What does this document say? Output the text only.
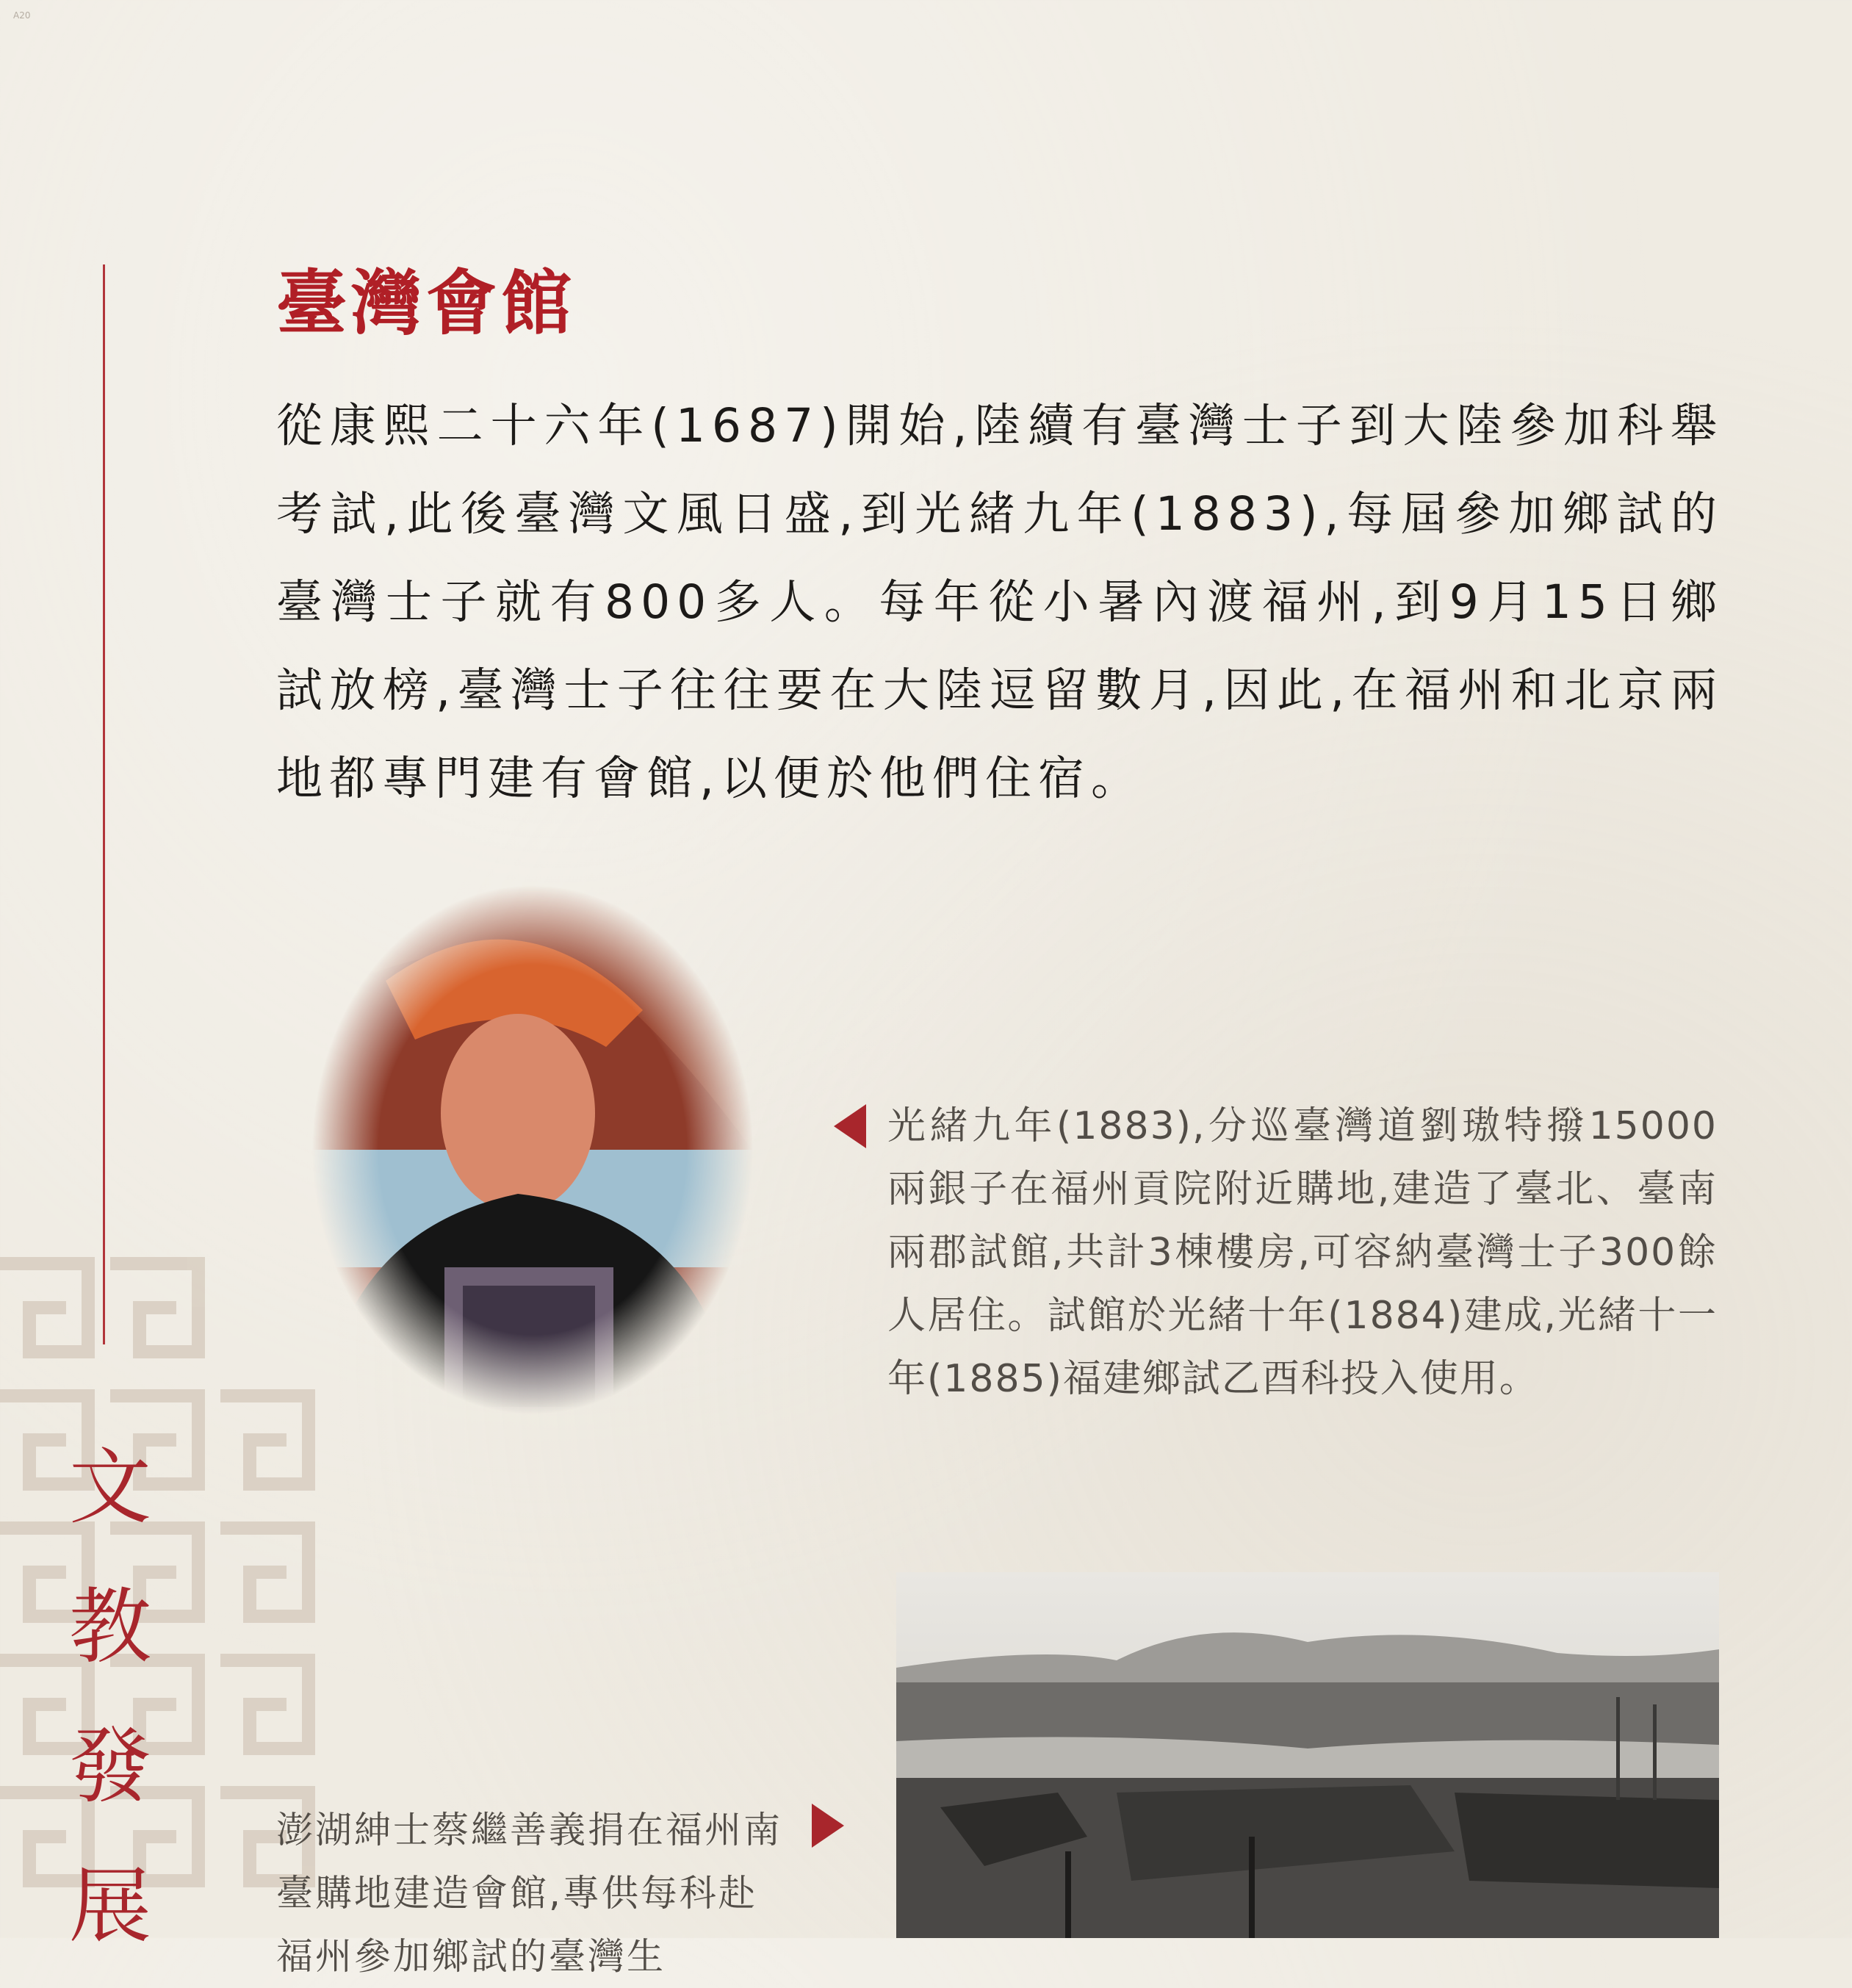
A20
文
教
發
展
臺灣會館

從康熙二十六年(1687)開始,陸續有臺灣士子到大陸參加科舉考試,此後臺灣文風日盛,到光緒九年(1883),每屆參加鄉試的臺灣士子就有800多人。每年從小暑內渡福州,到9月15日鄉試放榜,臺灣士子往往要在大陸逗留數月,因此,在福州和北京兩地都專門建有會館,以便於他們住宿。

光緒九年(1883),分巡臺灣道劉璈特撥15000兩銀子在福州貢院附近購地,建造了臺北、臺南兩郡試館,共計3棟樓房,可容納臺灣士子300餘人居住。試館於光緒十年(1884)建成,光緒十一年(1885)福建鄉試乙酉科投入使用。

澎湖紳士蔡繼善義捐在福州南臺購地建造會館,專供每科赴福州參加鄉試的臺灣生
